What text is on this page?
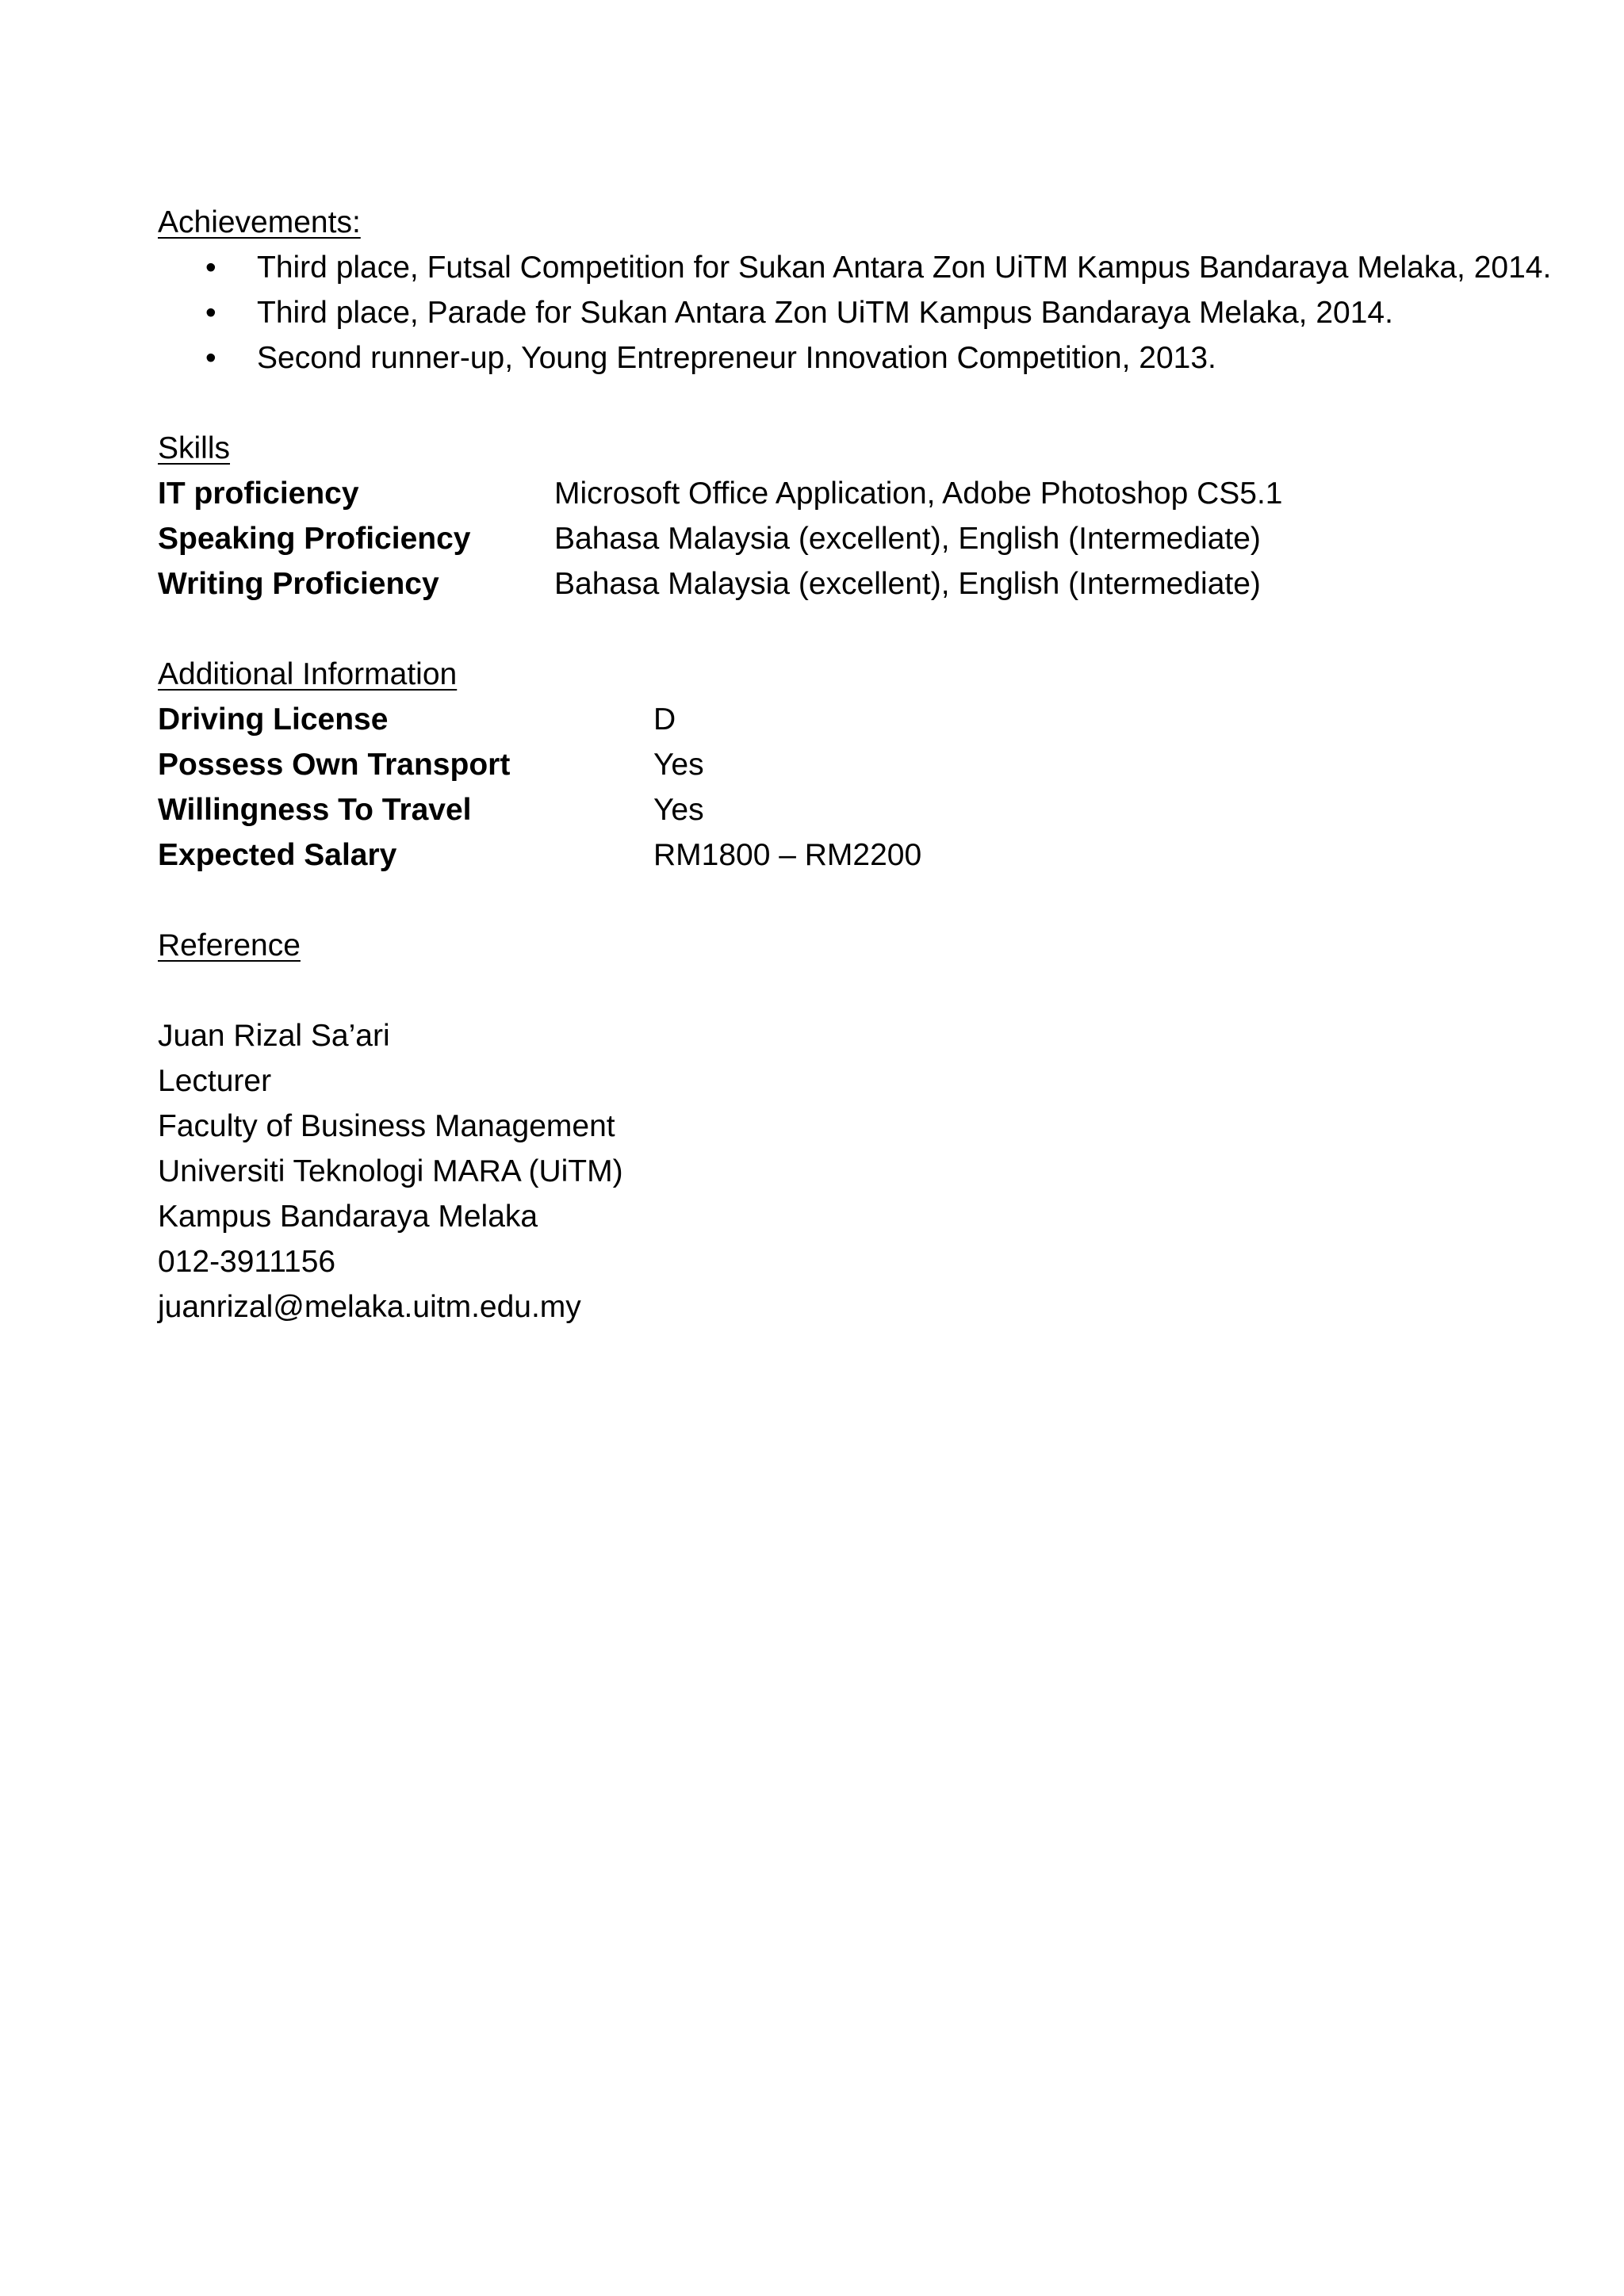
Achievements:
• Third place, Futsal Competition for Sukan Antara Zon UiTM Kampus Bandaraya Melaka, 2014.
• Third place, Parade for Sukan Antara Zon UiTM Kampus Bandaraya Melaka, 2014.
• Second runner-up, Young Entrepreneur Innovation Competition, 2013.
Skills
IT proficiency	Microsoft Office Application, Adobe Photoshop CS5.1
Speaking Proficiency	Bahasa Malaysia (excellent), English (Intermediate)
Writing Proficiency	Bahasa Malaysia (excellent), English (Intermediate)
Additional Information
Driving License	D
Possess Own Transport	Yes
Willingness To Travel	Yes
Expected Salary	RM1800 – RM2200
Reference
Juan Rizal Sa’ari
Lecturer
Faculty of Business Management
Universiti Teknologi MARA (UiTM)
Kampus Bandaraya Melaka
012-3911156
juanrizal@melaka.uitm.edu.my
